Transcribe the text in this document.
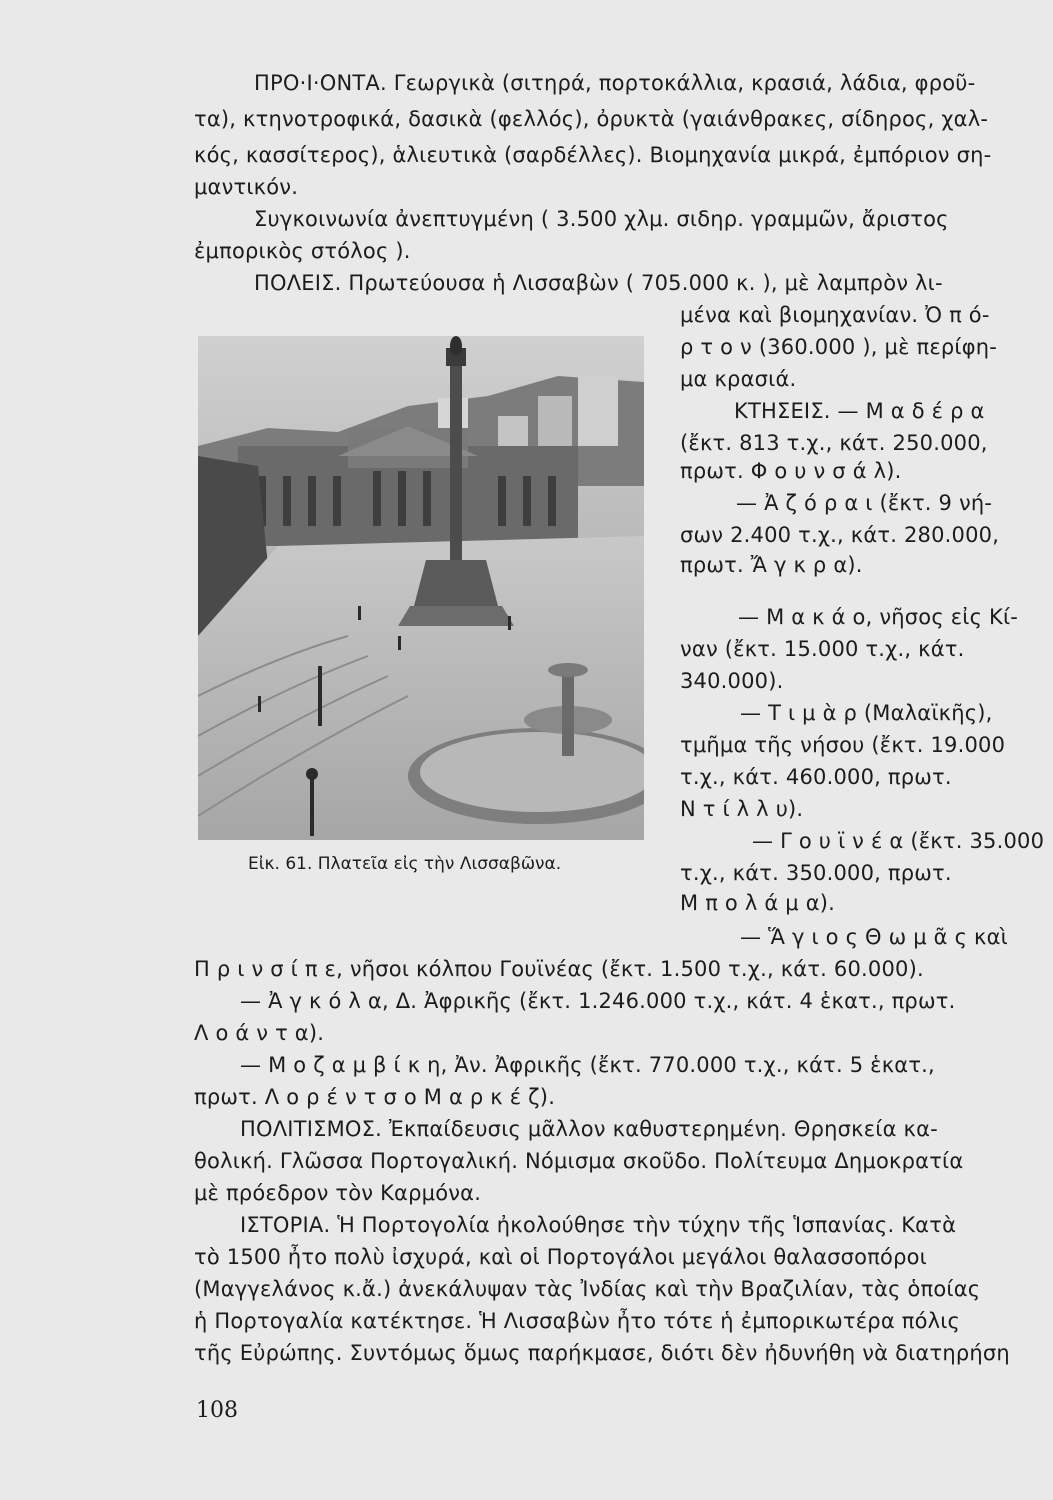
ΠΡΟ·Ι·ΟΝΤΑ. Γεωργικὰ (σιτηρά, πορτοκάλλια, κρασιά, λάδια, φροῦ-
τα), κτηνοτροφικά, δασικὰ (φελλός), ὀρυκτὰ (γαιάνθρακες, σίδηρος, χαλ-
κός, κασσίτερος), ἁλιευτικὰ (σαρδέλλες). Βιομηχανία μικρά, ἐμπόριον ση-
μαντικόν.
Συγκοινωνία ἀνεπτυγμένη ( 3.500 χλμ. σιδηρ. γραμμῶν, ἄριστος
ἐμπορικὸς στόλος ).
ΠΟΛΕΙΣ. Πρωτεύουσα ἡ Λισσαβὼν ( 705.000 κ. ), μὲ λαμπρὸν λι-
μένα καὶ βιομηχανίαν. Ὀ π ό-
ρ τ ο ν (360.000 ), μὲ περίφη-
μα κρασιά.
ΚΤΗΣΕΙΣ. — Μ α δ έ ρ α
(ἔκτ. 813 τ.χ., κάτ. 250.000,
πρωτ. Φ ο υ ν σ ά λ).
— Ἀ ζ ό ρ α ι (ἔκτ. 9 νή-
σων 2.400 τ.χ., κάτ. 280.000,
πρωτ. Ἄ γ κ ρ α).
— Μ α κ ά ο, νῆσος εἰς Κί-
ναν (ἔκτ. 15.000 τ.χ., κάτ.
340.000).
— Τ ι μ ὰ ρ (Μαλαϊκῆς),
τμῆμα τῆς νήσου (ἔκτ. 19.000
τ.χ., κάτ. 460.000, πρωτ.
Ν τ ί λ λ υ).
— Γ ο υ ϊ ν έ α (ἔκτ. 35.000
τ.χ., κάτ. 350.000, πρωτ.
Μ π ο λ ά μ α).
Εἰκ. 61. Πλατεῖα εἰς τὴν Λισσαβῶνα.
— Ἅ γ ι ο ς Θ ω μ ᾶ ς καὶ
Π ρ ι ν σ ί π ε, νῆσοι κόλπου Γουϊνέας (ἔκτ. 1.500 τ.χ., κάτ. 60.000).
— Ἀ γ κ ό λ α, Δ. Ἀφρικῆς (ἔκτ. 1.246.000 τ.χ., κάτ. 4 ἑκατ., πρωτ.
Λ ο ά ν τ α).
— Μ ο ζ α μ β ί κ η, Ἀν. Ἀφρικῆς (ἔκτ. 770.000 τ.χ., κάτ. 5 ἑκατ.,
πρωτ. Λ ο ρ έ ν τ σ ο Μ α ρ κ έ ζ).
ΠΟΛΙΤΙΣΜΟΣ. Ἐκπαίδευσις μᾶλλον καθυστερημένη. Θρησκεία κα-
θολική. Γλῶσσα Πορτογαλική. Νόμισμα σκοῦδο. Πολίτευμα Δημοκρατία
μὲ πρόεδρον τὸν Καρμόνα.
ΙΣΤΟΡΙΑ. Ἡ Πορτογολία ἠκολούθησε τὴν τύχην τῆς Ἱσπανίας. Κατὰ
τὸ 1500 ἦτο πολὺ ἰσχυρά, καὶ οἱ Πορτογάλοι μεγάλοι θαλασσοπόροι
(Μαγγελάνος κ.ἄ.) ἀνεκάλυψαν τὰς Ἰνδίας καὶ τὴν Βραζιλίαν, τὰς ὁποίας
ἡ Πορτογαλία κατέκτησε. Ἡ Λισσαβὼν ἦτο τότε ἡ ἐμπορικωτέρα πόλις
τῆς Εὐρώπης. Συντόμως ὅμως παρήκμασε, διότι δὲν ἠδυνήθη νὰ διατηρήση
108
